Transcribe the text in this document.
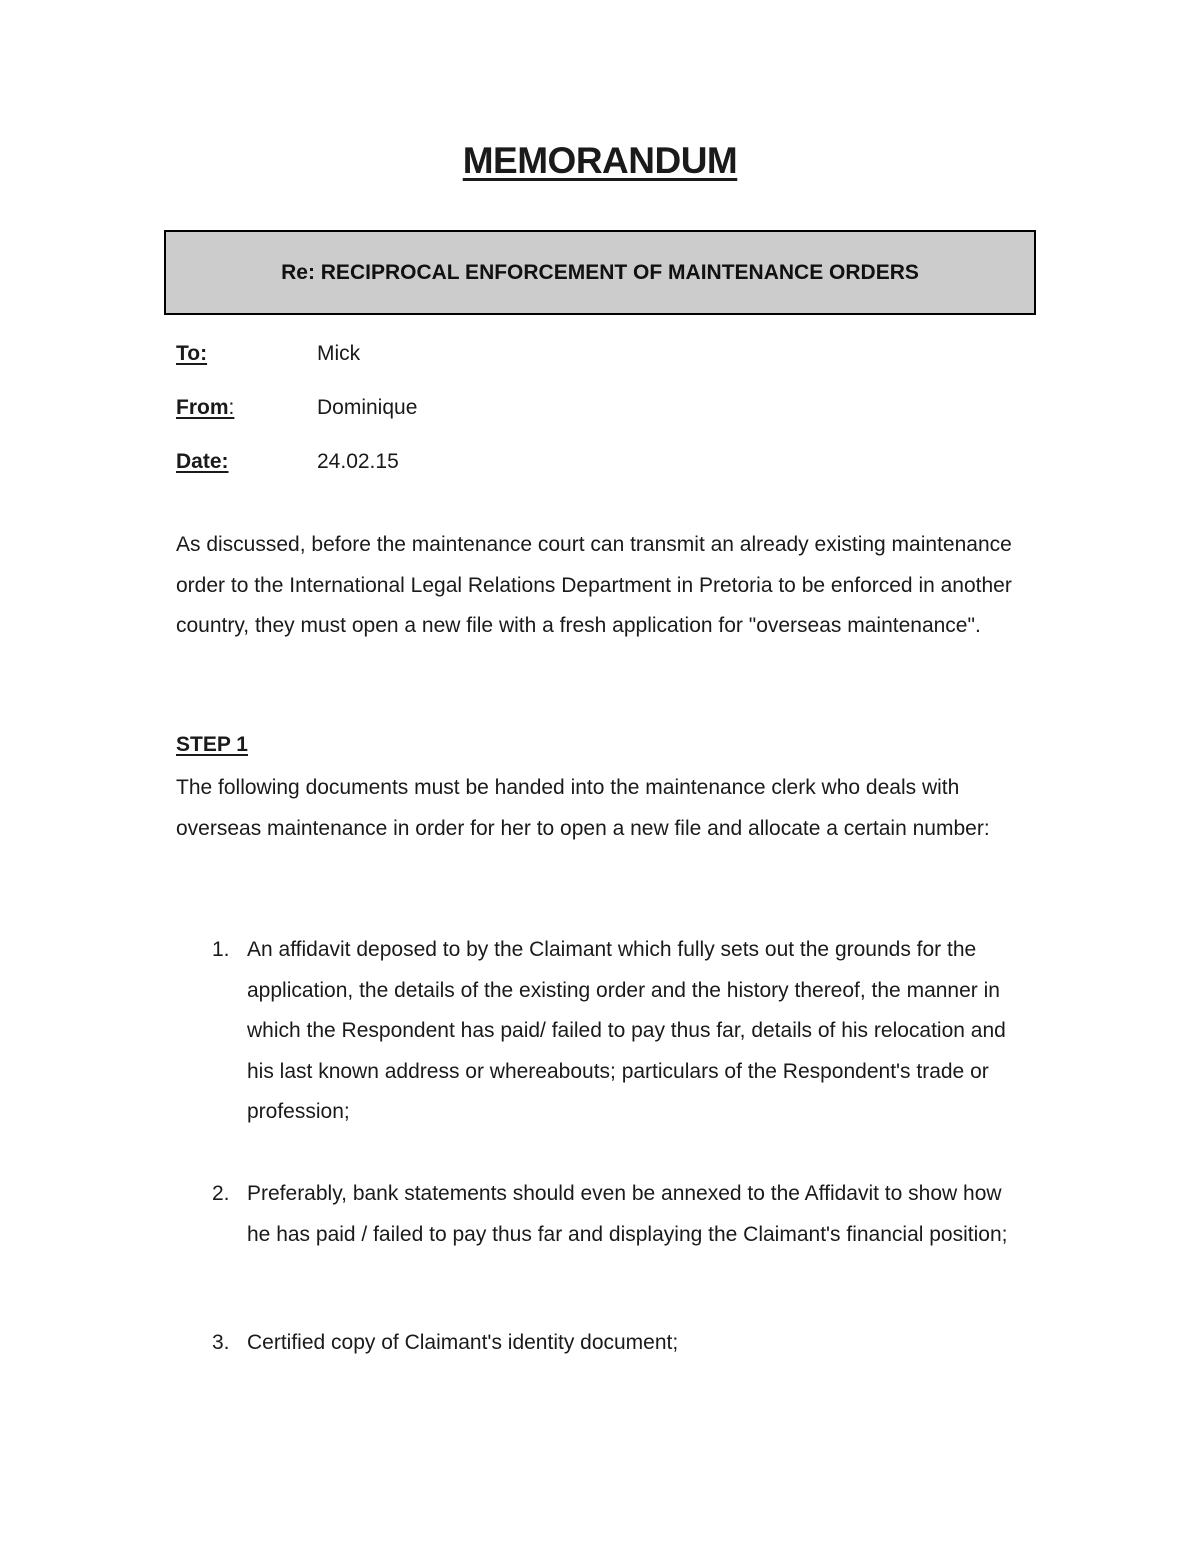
MEMORANDUM
Re: RECIPROCAL ENFORCEMENT OF MAINTENANCE ORDERS
To:	Mick
From:	Dominique
Date:	24.02.15

As discussed, before the maintenance court can transmit an already existing maintenance order to the International Legal Relations Department in Pretoria to be enforced in another country, they must open a new file with a fresh application for "overseas maintenance".

STEP 1

The following documents must be handed into the maintenance clerk who deals with overseas maintenance in order for her to open a new file and allocate a certain number:

1. An affidavit deposed to by the Claimant which fully sets out the grounds for the application, the details of the existing order and the history thereof, the manner in which the Respondent has paid/ failed to pay thus far, details of his relocation and his last known address or whereabouts; particulars of the Respondent's trade or profession;
2. Preferably, bank statements should even be annexed to the Affidavit to show how he has paid / failed to pay thus far and displaying the Claimant's financial position;
3. Certified copy of Claimant's identity document;
